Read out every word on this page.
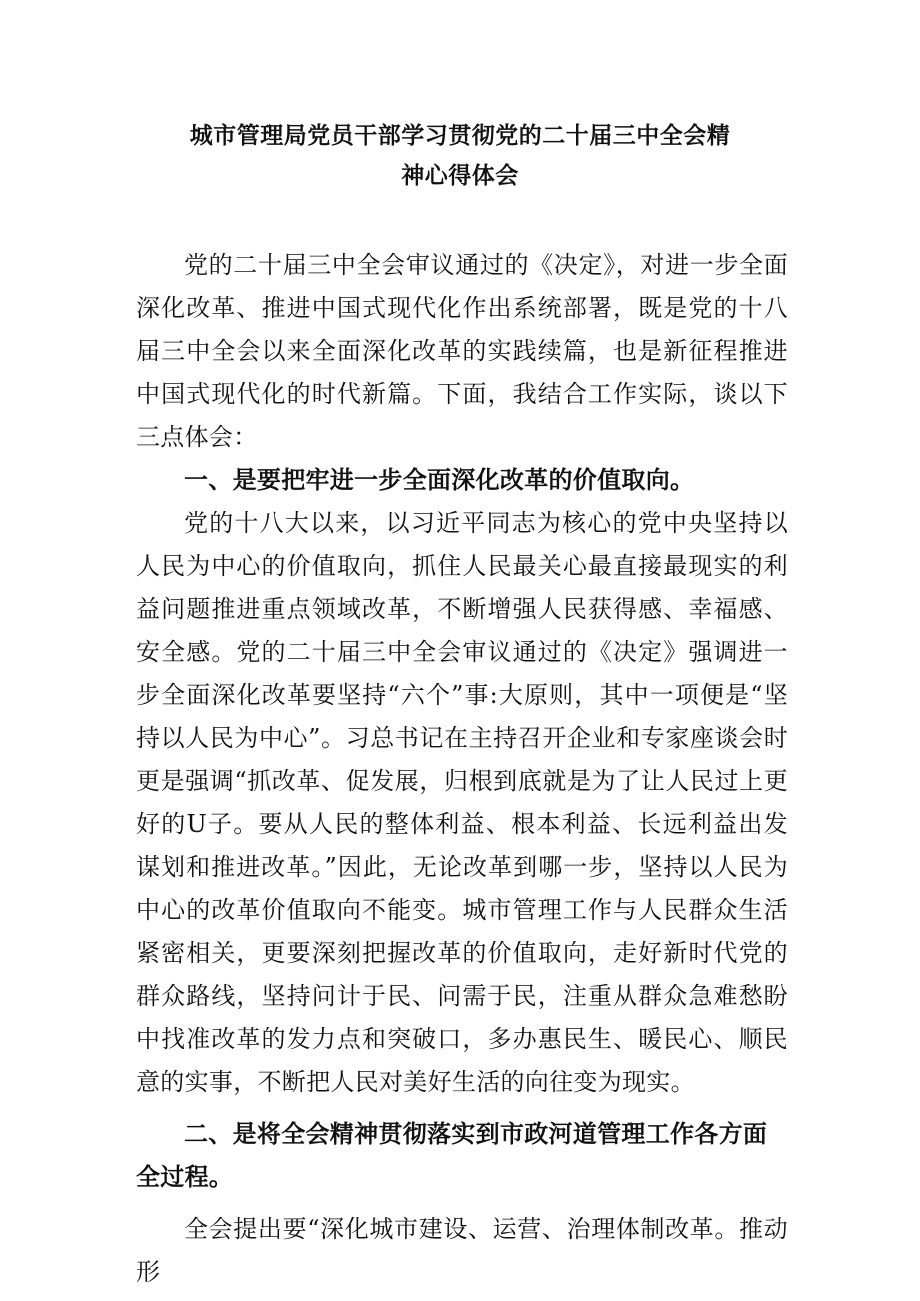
城市管理局党员干部学习贯彻党的二十届三中全会精
神心得体会

党的二十届三中全会审议通过的《决定》，对进一步全面深化改革、推进中国式现代化作出系统部署，既是党的十八届三中全会以来全面深化改革的实践续篇，也是新征程推进中国式现代化的时代新篇。下面，我结合工作实际，谈以下三点体会：

一、是要把牢进一步全面深化改革的价值取向。

党的十八大以来，以习近平同志为核心的党中央坚持以人民为中心的价值取向，抓住人民最关心最直接最现实的利益问题推进重点领域改革，不断增强人民获得感、幸福感、安全感。党的二十届三中全会审议通过的《决定》强调进一步全面深化改革要坚持“六个”事:大原则，其中一项便是“坚持以人民为中心”。习总书记在主持召开企业和专家座谈会时更是强调“抓改革、促发展，归根到底就是为了让人民过上更好的U子。要从人民的整体利益、根本利益、长远利益出发谋划和推进改革。”因此，无论改革到哪一步，坚持以人民为中心的改革价值取向不能变。城市管理工作与人民群众生活紧密相关，更要深刻把握改革的价值取向，走好新时代党的群众路线，坚持问计于民、问需于民，注重从群众急难愁盼中找准改革的发力点和突破口，多办惠民生、暖民心、顺民意的实事，不断把人民对美好生活的向往变为现实。

二、是将全会精神贯彻落实到市政河道管理工作各方面全过程。

全会提出要“深化城市建设、运营、治理体制改革。推动形
